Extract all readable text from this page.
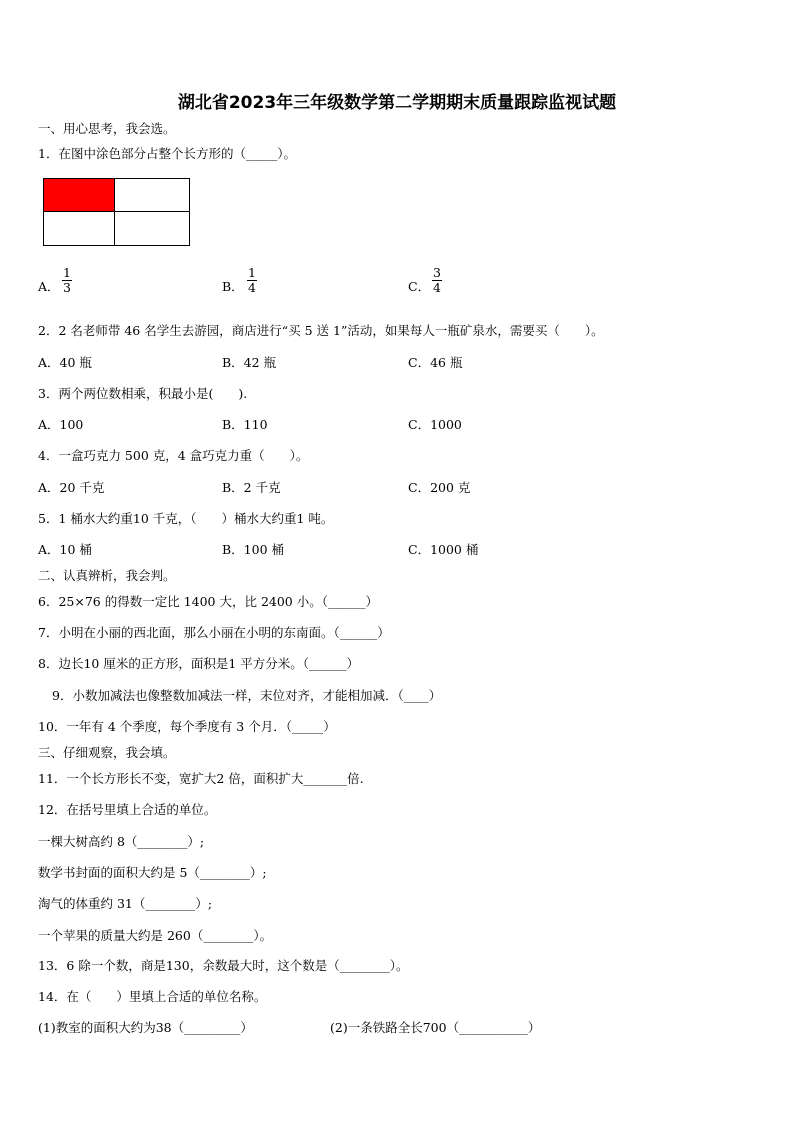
湖北省2023年三年级数学第二学期期末质量跟踪监视试题
一、用心思考，我会选。
1．在图中涂色部分占整个长方形的（_____）。
A． $\frac{1}{3}$	B． $\frac{1}{4}$	C． $\frac{3}{4}$
2．2 名老师带 46 名学生去游园，商店进行“买 5 送 1”活动，如果每人一瓶矿泉水，需要买（　　）。
A．40 瓶	B．42 瓶	C．46 瓶
3．两个两位数相乘，积最小是(　　).
A．100	B．110	C．1000
4．一盒巧克力 500 克，4 盒巧克力重（　　）。
A．20 千克	B．2 千克	C．200 克
5．1 桶水大约重10 千克，（　　）桶水大约重1 吨。
A．10 桶	B．100 桶	C．1000 桶
二、认真辨析，我会判。
6．25×76 的得数一定比 1400 大，比 2400 小。（______）
7．小明在小丽的西北面，那么小丽在小明的东南面。（______）
8．边长10 厘米的正方形，面积是1 平方分米。（______）
9．小数加减法也像整数加减法一样，末位对齐，才能相加减．（____）
10．一年有 4 个季度，每个季度有 3 个月．（_____）
三、仔细观察，我会填。
11．一个长方形长不变，宽扩大2 倍，面积扩大_______倍.
12．在括号里填上合适的单位。
一棵大树高约 8（________）;
数学书封面的面积大约是 5（________）;
淘气的体重约 31（________）;
一个苹果的质量大约是 260（________）。
13．6 除一个数，商是130，余数最大时，这个数是（________）。
14．在（　　）里填上合适的单位名称。
(1)教室的面积大约为38（_________）	(2)一条铁路全长700（___________）
